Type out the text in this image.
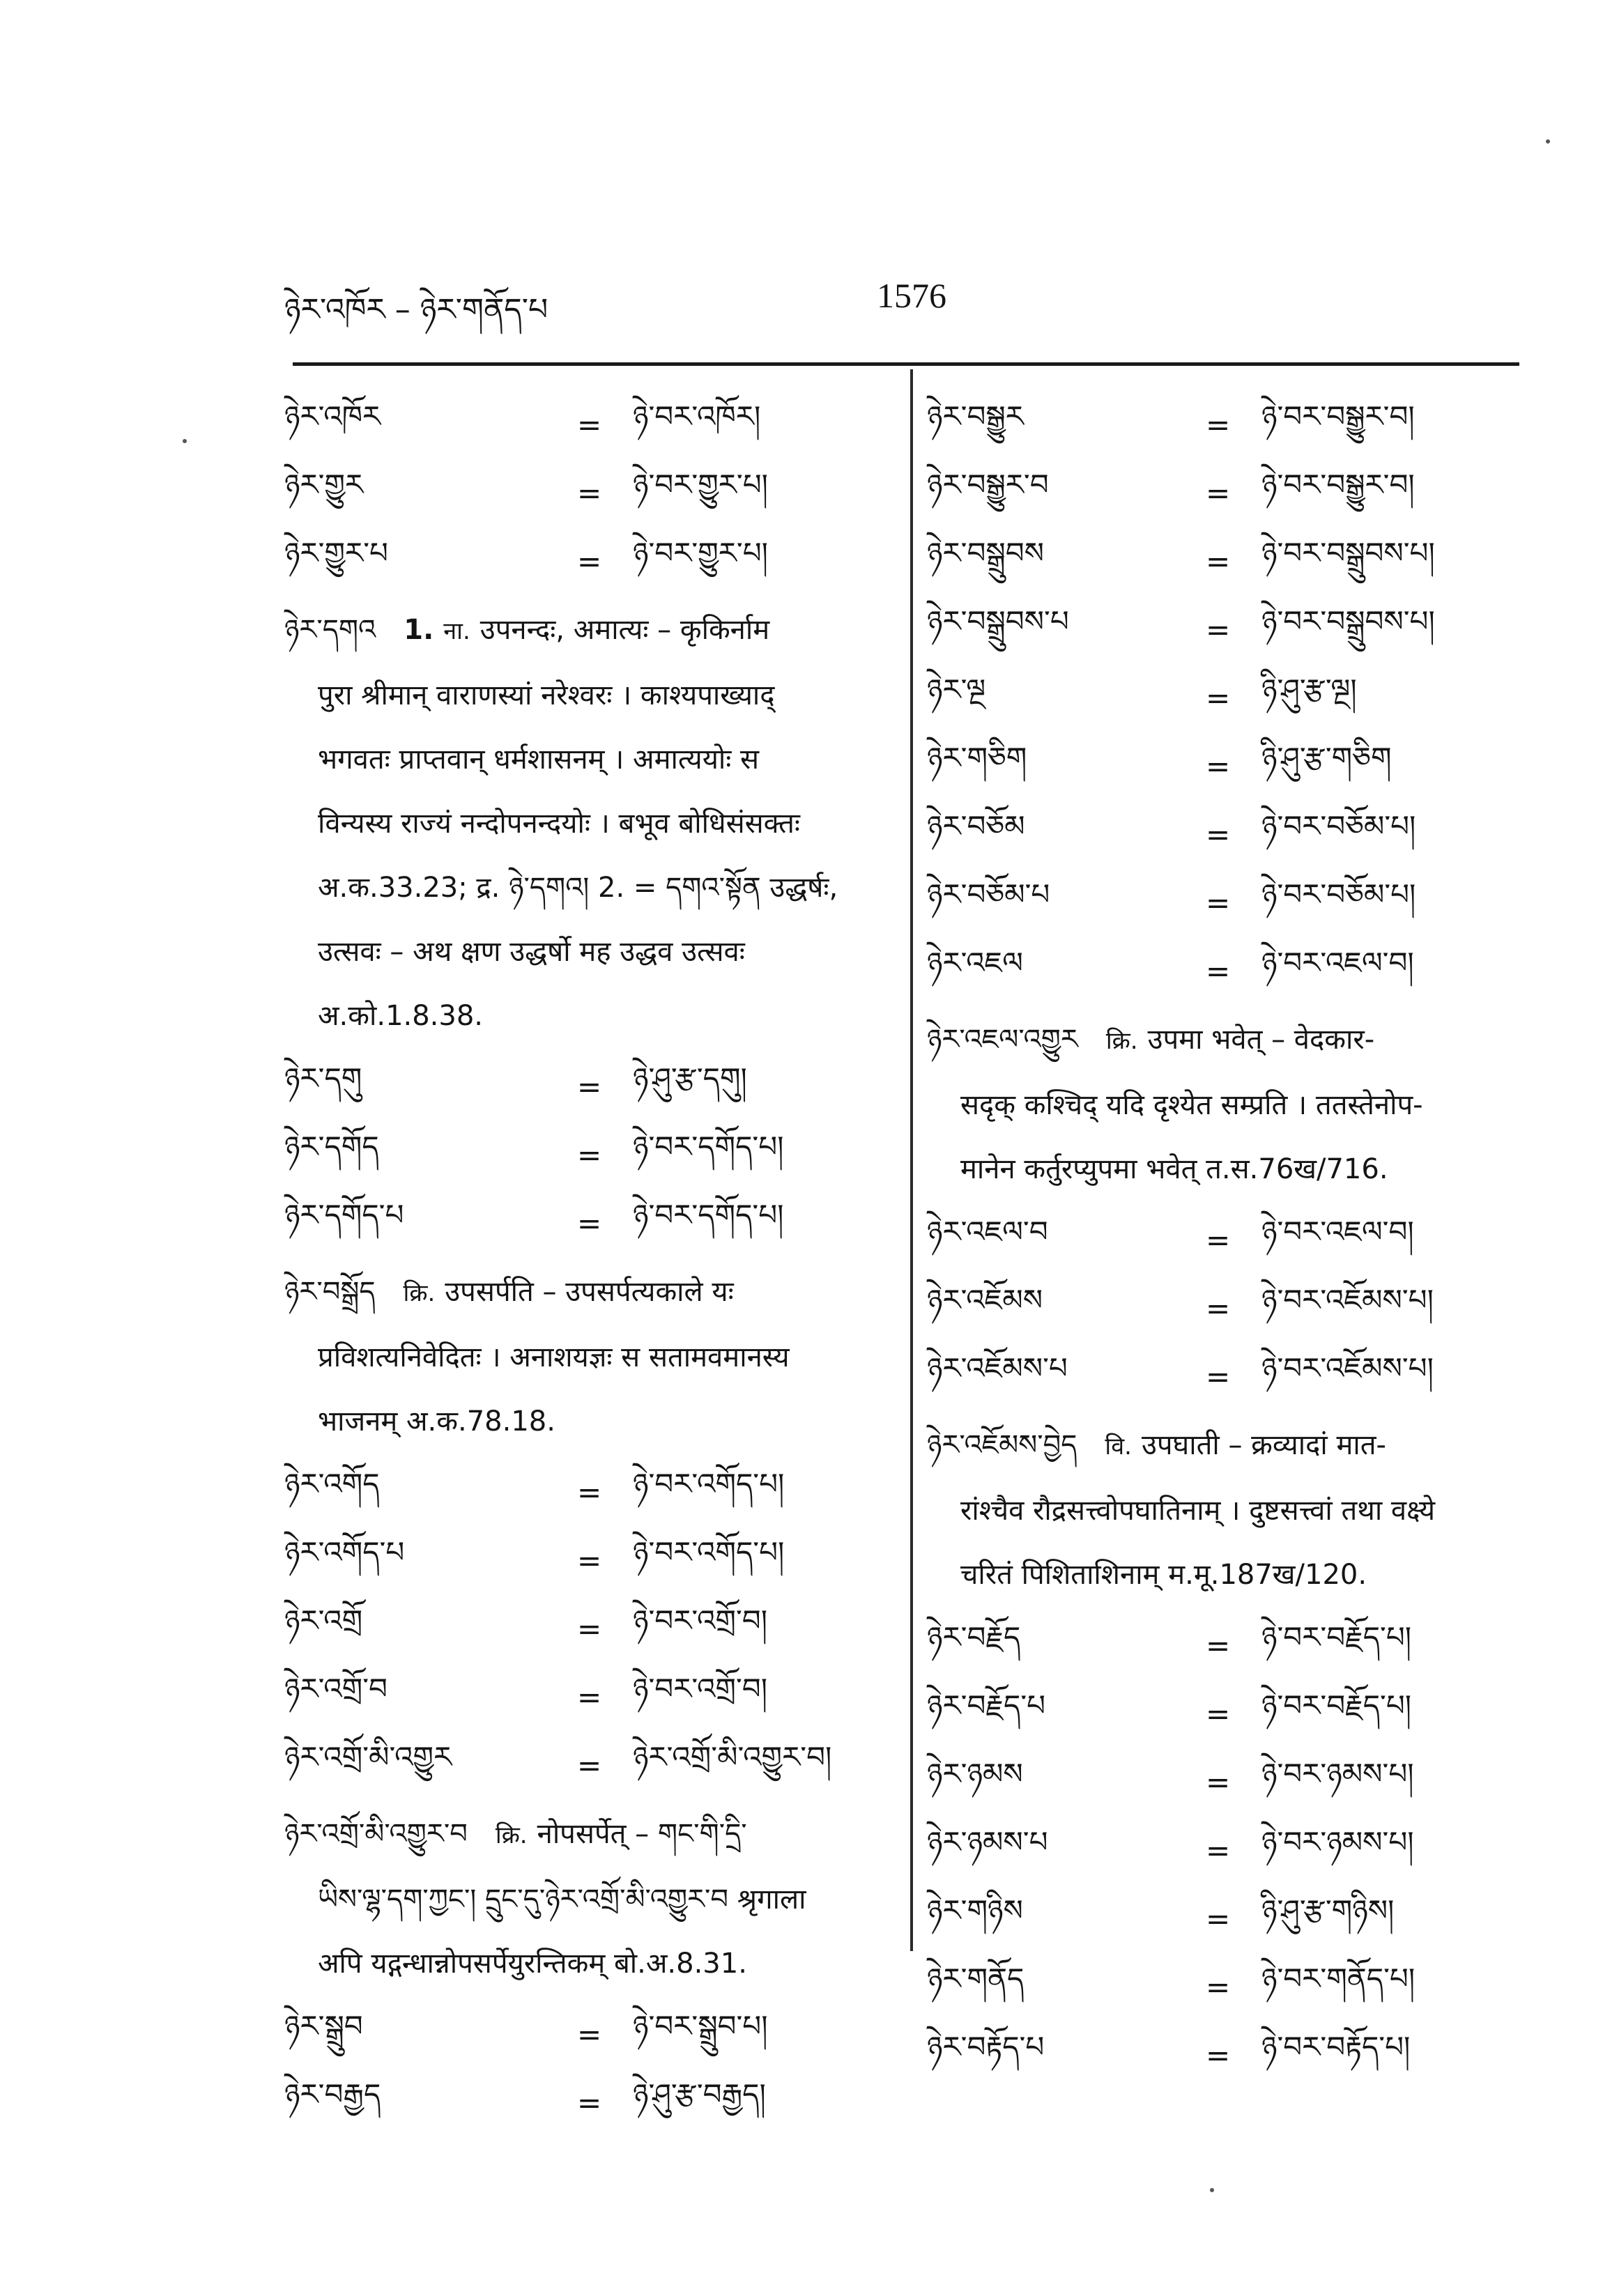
ཉེར་འཁོར – ཉེར་གནོད་པ	1576
ཉེར་འཁོར	=	ཉེ་བར་འཁོར།
ཉེར་གྱུར	=	ཉེ་བར་གྱུར་པ།
ཉེར་གྱུར་པ	=	ཉེ་བར་གྱུར་པ།
ཉེར་དགའ 1. ना. उपनन्दः, अमात्यः – कृकिर्नाम
पुरा श्रीमान् वाराणस्यां नरेश्वरः । काश्यपाख्याद्
भगवतः प्राप्तवान् धर्मशासनम् । अमात्ययोः स
विन्यस्य राज्यं नन्दोपनन्दयोः । बभूव बोधिसंसक्तः
अ.क.33.23; द्र. ཉེ་དགའ། 2. = དགའ་སྟོན उद्धर्षः,
उत्सवः – अथ क्षण उद्धर्षो मह उद्धव उत्सवः
अ.को.1.8.38.
ཉེར་དགུ	=	ཉེ་ཤུ་རྩ་དགུ།
ཉེར་དགོད	=	ཉེ་བར་དགོད་པ།
ཉེར་དགོད་པ	=	ཉེ་བར་དགོད་པ།
ཉེར་བསྒྲོད क्रि. उपसर्पति – उपसर्पत्यकाले यः
प्रविशत्यनिवेदितः । अनाशयज्ञः स सतामवमानस्य
भाजनम् अ.क.78.18.
ཉེར་འགོད	=	ཉེ་བར་འགོད་པ།
ཉེར་འགོད་པ	=	ཉེ་བར་འགོད་པ།
ཉེར་འགྲོ	=	ཉེ་བར་འགྲོ་བ།
ཉེར་འགྲོ་བ	=	ཉེ་བར་འགྲོ་བ།
ཉེར་འགྲོ་མི་འགྱུར	=	ཉེར་འགྲོ་མི་འགྱུར་བ།
ཉེར་འགྲོ་མི་འགྱུར་བ क्रि. नोपसर्पेत् – གང་གི་དྲི་
ཡིས་ལྷ་དག་ཀྱང་། དྲུང་དུ་ཉེར་འགྲོ་མི་འགྱུར་བ श्रृगाला
अपि यद्गन्धान्नोपसर्पेयुरन्तिकम् बो.अ.8.31.
ཉེར་སྒྲུབ	=	ཉེ་བར་སྒྲུབ་པ།
ཉེར་བརྒྱད	=	ཉེ་ཤུ་རྩ་བརྒྱད།
ཉེར་བསྒྱུར	=	ཉེ་བར་བསྒྱུར་བ།
ཉེར་བསྒྱུར་བ	=	ཉེ་བར་བསྒྱུར་བ།
ཉེར་བསྒྲུབས	=	ཉེ་བར་བསྒྲུབས་པ།
ཉེར་བསྒྲུབས་པ	=	ཉེ་བར་བསྒྲུབས་པ།
ཉེར་ལྔ	=	ཉི་ཤུ་རྩ་ལྔ།
ཉེར་གཅིག	=	ཉི་ཤུ་རྩ་གཅིག
ཉེར་བཅོམ	=	ཉེ་བར་བཅོམ་པ།
ཉེར་བཅོམ་པ	=	ཉེ་བར་བཅོམ་པ།
ཉེར་འཇལ	=	ཉེ་བར་འཇལ་བ།
ཉེར་འཇལ་འགྱུར क्रि. उपमा भवेत् – वेदकार-
सदृक् कश्चिद् यदि दृश्येत सम्प्रति । ततस्तेनोप-
मानेन कर्तुरप्युपमा भवेत् त.स.76ख/716.
ཉེར་འཇལ་བ	=	ཉེ་བར་འཇལ་བ།
ཉེར་འཇོམས	=	ཉེ་བར་འཇོམས་པ།
ཉེར་འཇོམས་པ	=	ཉེ་བར་འཇོམས་པ།
ཉེར་འཇོམས་བྱེད वि. उपघाती – क्रव्यादां मात-
रांश्चैव रौद्रसत्त्वोपघातिनाम् । दुष्टसत्त्वां तथा वक्ष्ये
चरितं पिशिताशिनाम् म.मू.187ख/120.
ཉེར་བརྗོད	=	ཉེ་བར་བརྗོད་པ།
ཉེར་བརྗོད་པ	=	ཉེ་བར་བརྗོད་པ།
ཉེར་ཉམས	=	ཉེ་བར་ཉམས་པ།
ཉེར་ཉམས་པ	=	ཉེ་བར་ཉམས་པ།
ཉེར་གཉིས	=	ཉི་ཤུ་རྩ་གཉིས།
ཉེར་གནོད	=	ཉེ་བར་གནོད་པ།
ཉེར་བརྟོད་པ	=	ཉེ་བར་བརྟོད་པ།
